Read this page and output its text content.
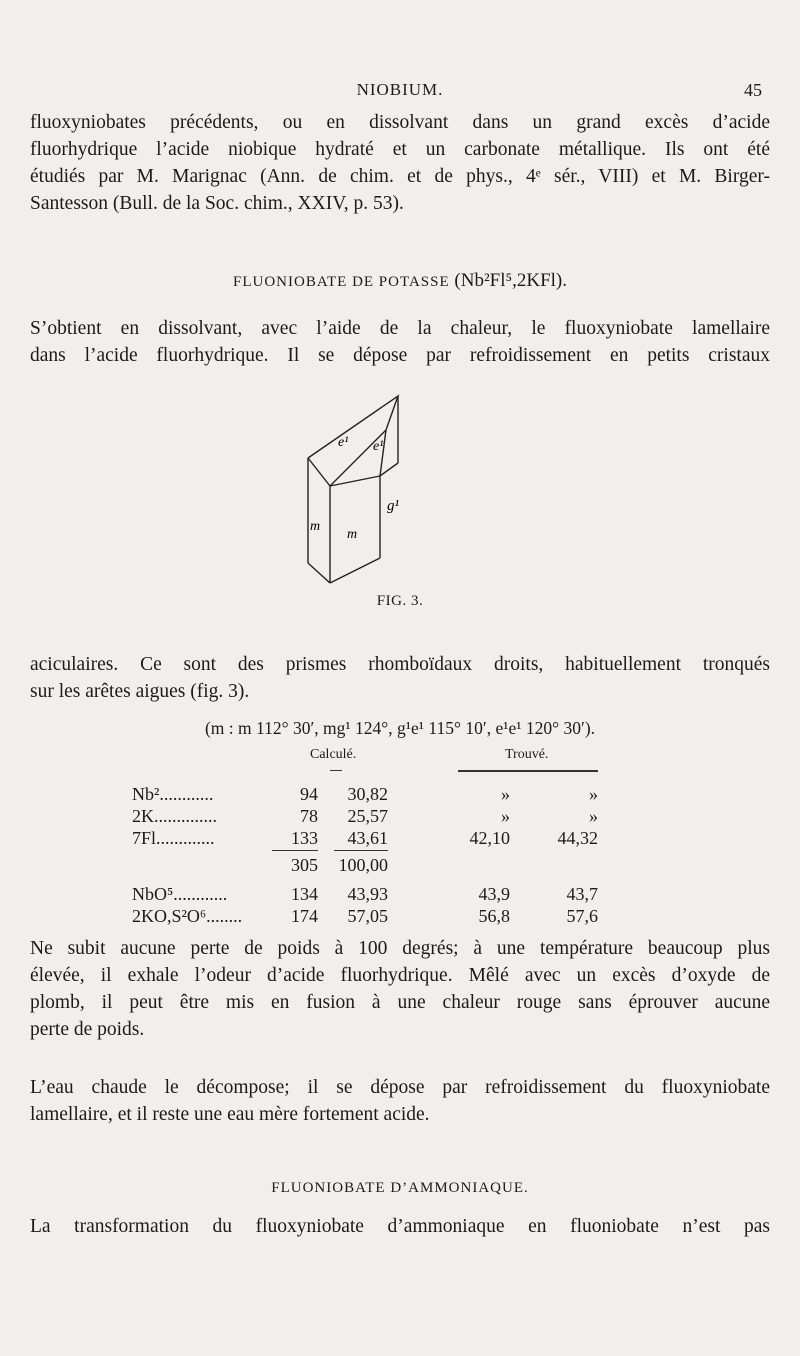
NIOBIUM.	45
fluoxyniobates précédents, ou en dissolvant dans un grand excès d’acide
fluorhydrique l’acide niobique hydraté et un carbonate métallique. Ils ont été
étudiés par M. Marignac (Ann. de chim. et de phys., 4ᵉ sér., VIII) et M. Birger-
Santesson (Bull. de la Soc. chim., XXIV, p. 53).
FLUONIOBATE DE POTASSE (Nb²Fl⁵,2KFl).
S’obtient en dissolvant, avec l’aide de la chaleur, le fluoxyniobate lamellaire
dans l’acide fluorhydrique. Il se dépose par refroidissement en petits cristaux
e¹ e¹
g¹
m
m
FIG. 3.
aciculaires. Ce sont des prismes rhomboïdaux droits, habituellement tronqués
sur les arêtes aigues (fig. 3).
(m : m 112° 30′, mg¹ 124°, g¹e¹ 115° 10′, e¹e¹ 120° 30′).
Calculé.	Trouvé.
Nb²............	94	30,82	»	»
2K..............	78	25,57	»	»
7Fl.............	133	43,61	42,10	44,32
305	100,00
NbO⁵............	134	43,93	43,9	43,7
2KO,S²O⁶........	174	57,05	56,8	57,6
Ne subit aucune perte de poids à 100 degrés; à une température beaucoup plus
élevée, il exhale l’odeur d’acide fluorhydrique. Mêlé avec un excès d’oxyde de
plomb, il peut être mis en fusion à une chaleur rouge sans éprouver aucune
perte de poids.
L’eau chaude le décompose; il se dépose par refroidissement du fluoxyniobate
lamellaire, et il reste une eau mère fortement acide.
FLUONIOBATE D’AMMONIAQUE.
La transformation du fluoxyniobate d’ammoniaque en fluoniobate n’est pas
